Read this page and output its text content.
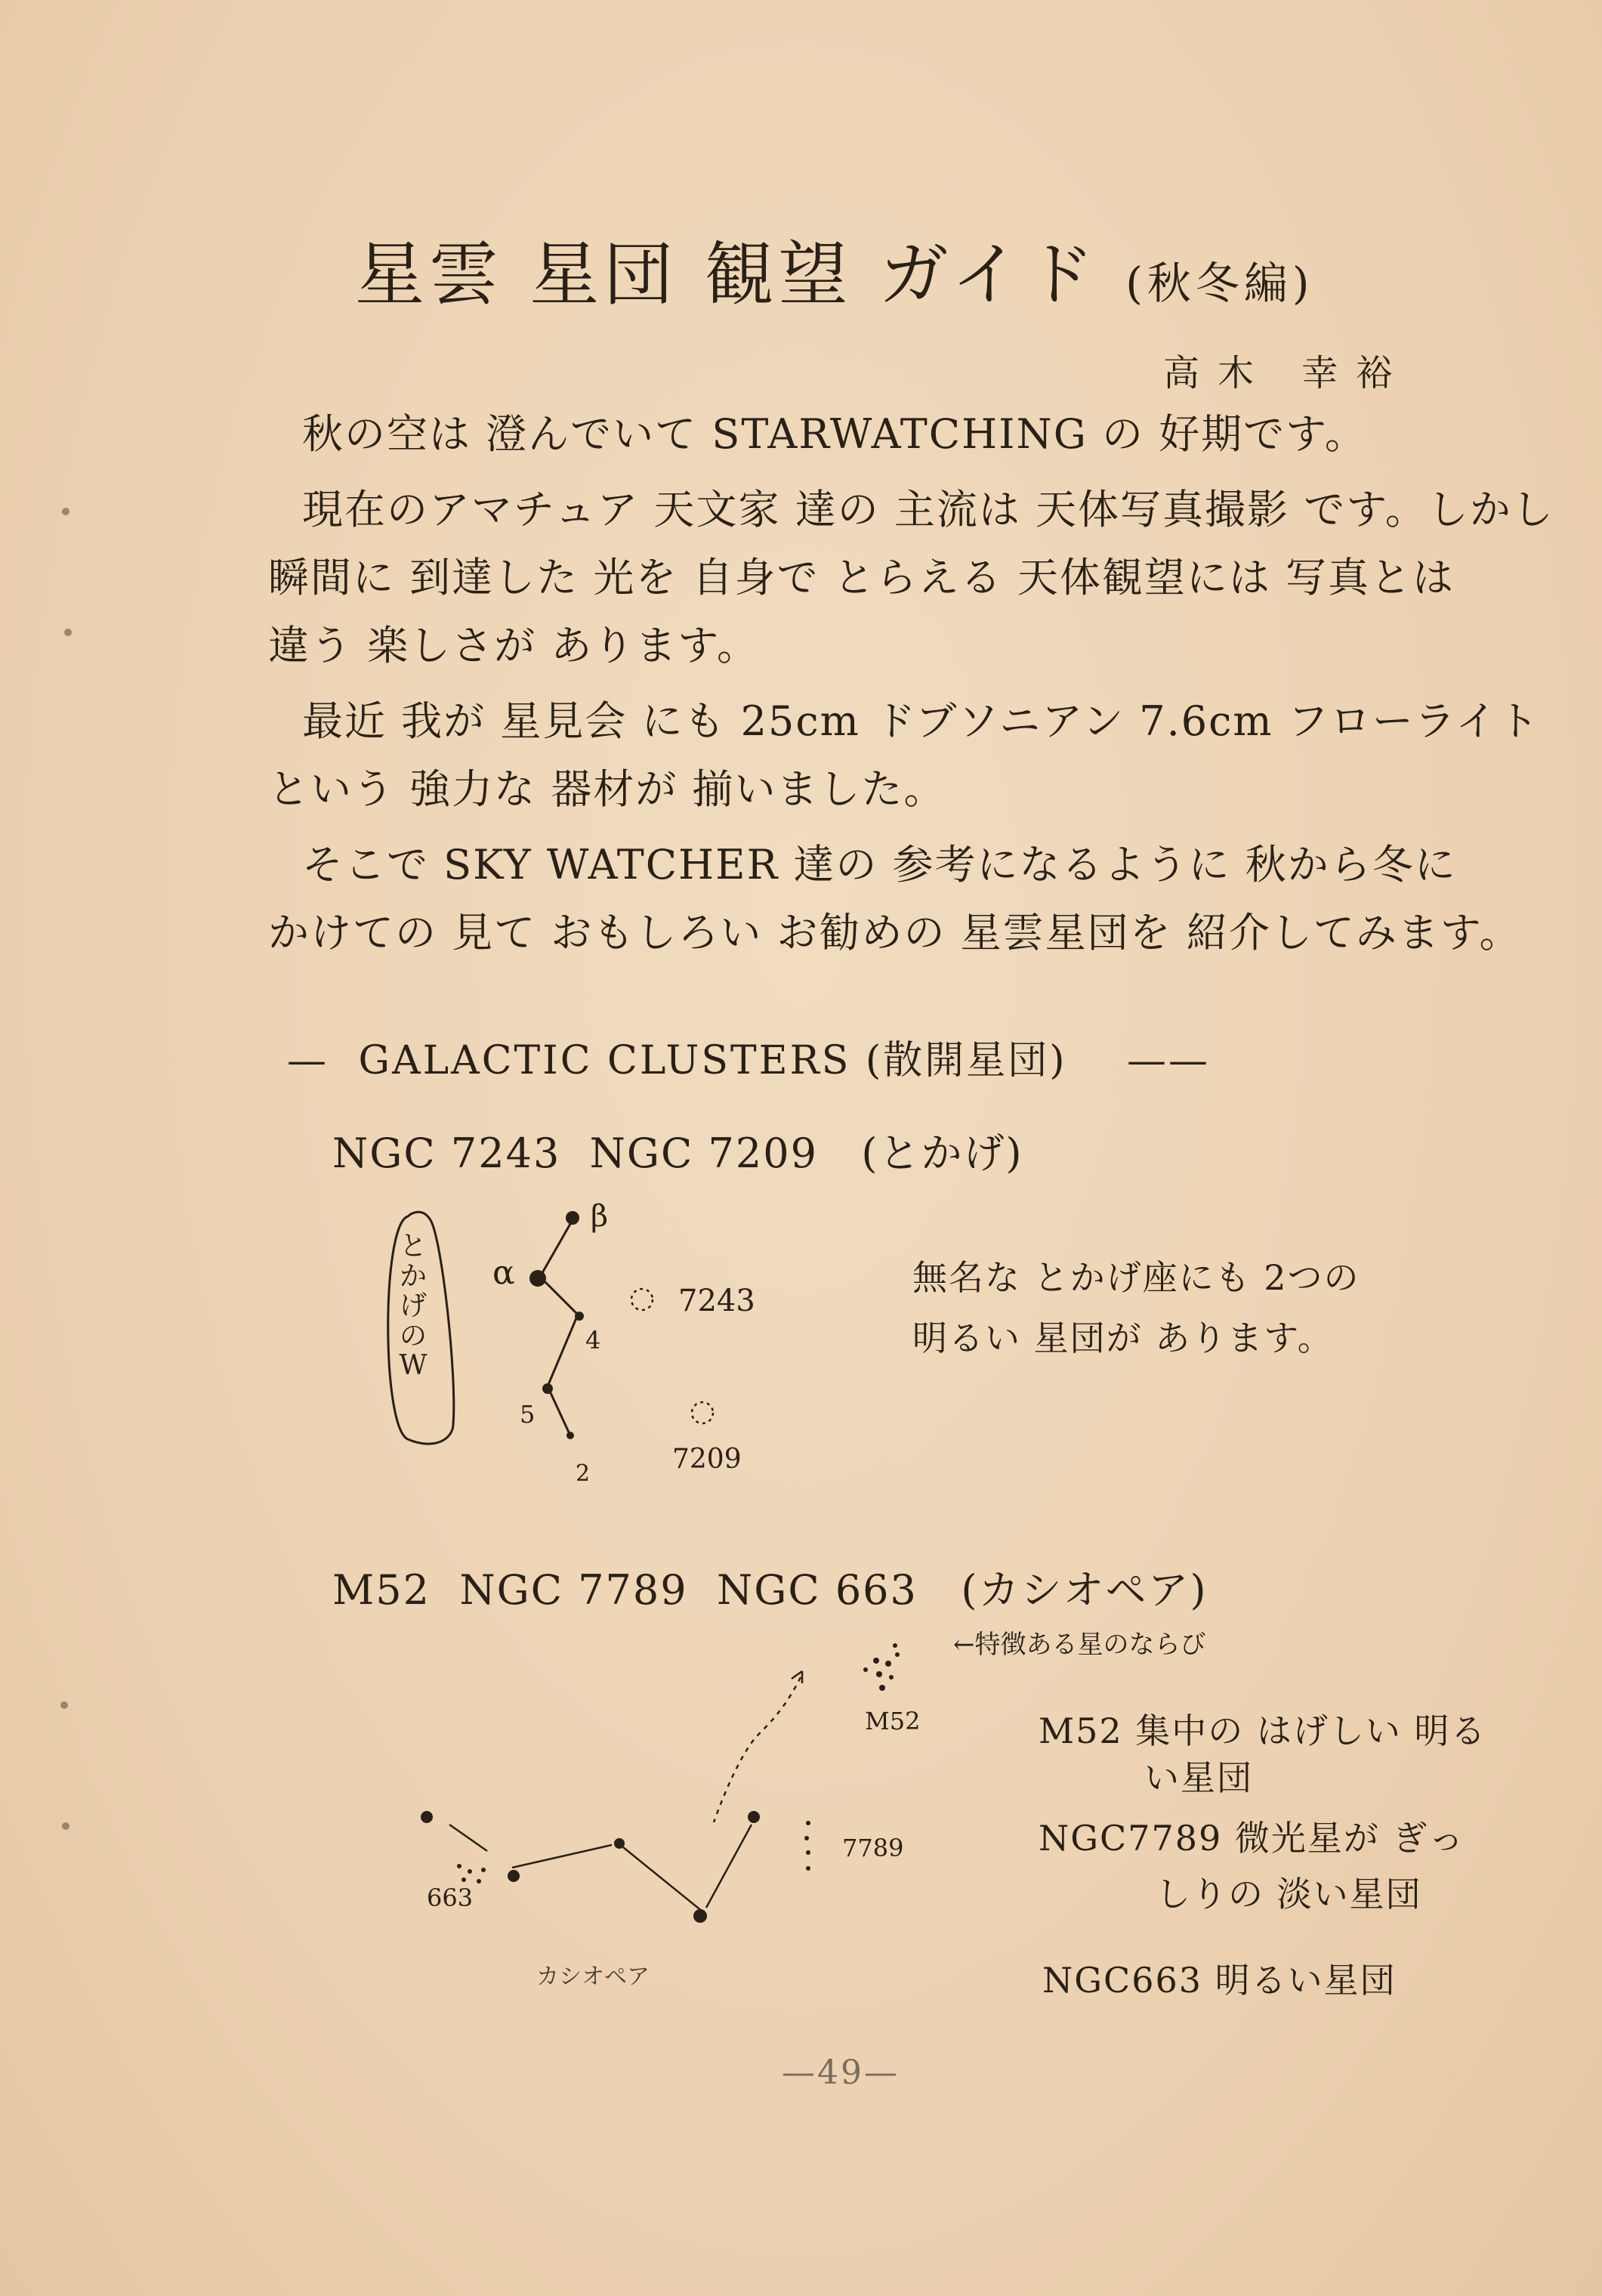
星雲 星団 観望 ガイド (秋冬編)
高木 幸裕
秋の空は 澄んでいて STARWATCHING の 好期です。
現在のアマチュア 天文家 達の 主流は 天体写真撮影 です。しかし
瞬間に 到達した 光を 自身で とらえる 天体観望には 写真とは
違う 楽しさが あります。
最近 我が 星見会 にも 25cm ドブソニアン 7.6cm フローライト
という 強力な 器材が 揃いました。
そこで SKY WATCHER 達の 参考になるように 秋から冬に
かけての 見て おもしろい お勧めの 星雲星団を 紹介してみます。
— GALACTIC CLUSTERS (散開星団) ——
NGC 7243  NGC 7209   (とかげ)
とかげのW
α
β
4
5
2
7243
7209
無名な とかげ座にも 2つの
明るい 星団が あります。
M52  NGC 7789  NGC 663   (カシオペア)
←特徴ある星のならび
M52
7789
663
カシオペア
M52 集中の はげしい 明る
い星団
NGC7789 微光星が ぎっ
しりの 淡い星団
NGC663 明るい星団
—49—
